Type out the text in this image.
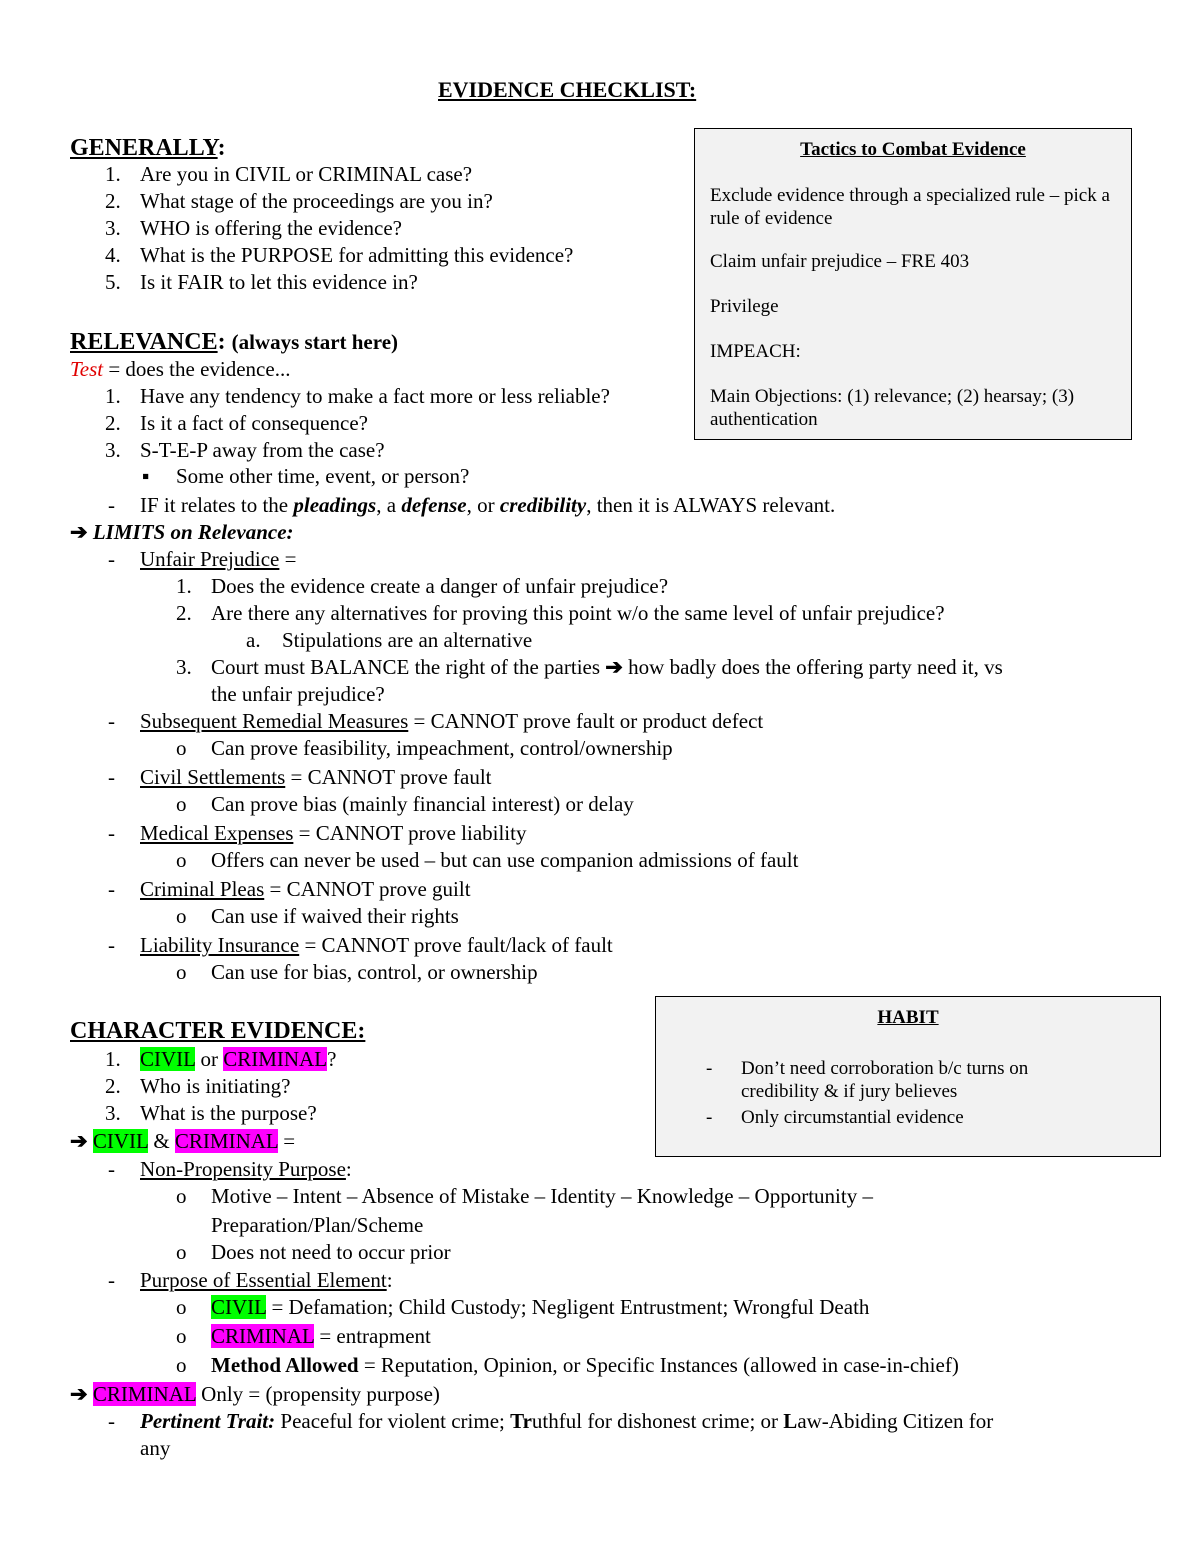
EVIDENCE CHECKLIST:
GENERALLY:
1. Are you in CIVIL or CRIMINAL case?
2. What stage of the proceedings are you in?
3. WHO is offering the evidence?
4. What is the PURPOSE for admitting this evidence?
5. Is it FAIR to let this evidence in?
Tactics to Combat Evidence
Exclude evidence through a specialized rule – pick a rule of evidence
Claim unfair prejudice – FRE 403
Privilege
IMPEACH:
Main Objections: (1) relevance; (2) hearsay; (3) authentication
RELEVANCE: (always start here)
Test = does the evidence...
1. Have any tendency to make a fact more or less reliable?
2. Is it a fact of consequence?
3. S-T-E-P away from the case?
▪ Some other time, event, or person?
- IF it relates to the pleadings, a defense, or credibility, then it is ALWAYS relevant.
➔ LIMITS on Relevance:
- Unfair Prejudice =
1. Does the evidence create a danger of unfair prejudice?
2. Are there any alternatives for proving this point w/o the same level of unfair prejudice?
a. Stipulations are an alternative
3. Court must BALANCE the right of the parties ➔ how badly does the offering party need it, vs
the unfair prejudice?
- Subsequent Remedial Measures = CANNOT prove fault or product defect
o Can prove feasibility, impeachment, control/ownership
- Civil Settlements = CANNOT prove fault
o Can prove bias (mainly financial interest) or delay
- Medical Expenses = CANNOT prove liability
o Offers can never be used – but can use companion admissions of fault
- Criminal Pleas = CANNOT prove guilt
o Can use if waived their rights
- Liability Insurance = CANNOT prove fault/lack of fault
o Can use for bias, control, or ownership
HABIT
- Don’t need corroboration b/c turns on credibility & if jury believes
- Only circumstantial evidence
CHARACTER EVIDENCE:
1. CIVIL or CRIMINAL?
2. Who is initiating?
3. What is the purpose?
➔ CIVIL & CRIMINAL =
- Non-Propensity Purpose:
o Motive – Intent – Absence of Mistake – Identity – Knowledge – Opportunity –
Preparation/Plan/Scheme
o Does not need to occur prior
- Purpose of Essential Element:
o CIVIL = Defamation; Child Custody; Negligent Entrustment; Wrongful Death
o CRIMINAL = entrapment
o Method Allowed = Reputation, Opinion, or Specific Instances (allowed in case-in-chief)
➔ CRIMINAL Only = (propensity purpose)
- Pertinent Trait: Peaceful for violent crime; Truthful for dishonest crime; or Law-Abiding Citizen for
any
